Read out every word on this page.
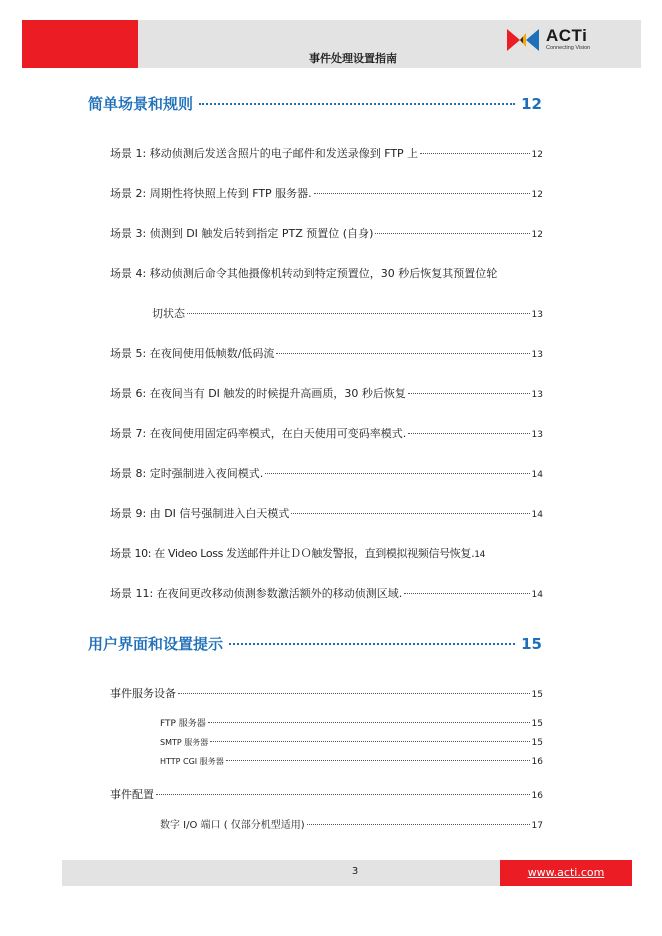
事件处理设置指南
ACTi
Connecting Vision
简单场景和规则	12
场景 1: 移动侦测后发送含照片的电子邮件和发送录像到 FTP 上	12
场景 2: 周期性将快照上传到 FTP 服务器.	12
场景 3: 侦测到 DI 触发后转到指定 PTZ 预置位 (自身)	12
场景 4: 移动侦测后命令其他摄像机转动到特定预置位，30 秒后恢复其预置位轮
切状态	13
场景 5: 在夜间使用低帧数/低码流	13
场景 6: 在夜间当有 DI 触发的时候提升高画质，30 秒后恢复	13
场景 7: 在夜间使用固定码率模式，在白天使用可变码率模式.	13
场景 8: 定时强制进入夜间模式.	14
场景 9: 由 DI 信号强制进入白天模式	14
场景 10: 在 Video Loss 发送邮件并让ＤＯ触发警报，直到模拟视频信号恢复. 14
场景 11: 在夜间更改移动侦测参数激活额外的移动侦测区域.	14
用户界面和设置提示	15
事件服务设备	15
FTP 服务器	15
SMTP 服务器	15
HTTP CGI 服务器	16
事件配置	16
数字 I/O 端口 ( 仅部分机型适用)	17
3	www.acti.com
